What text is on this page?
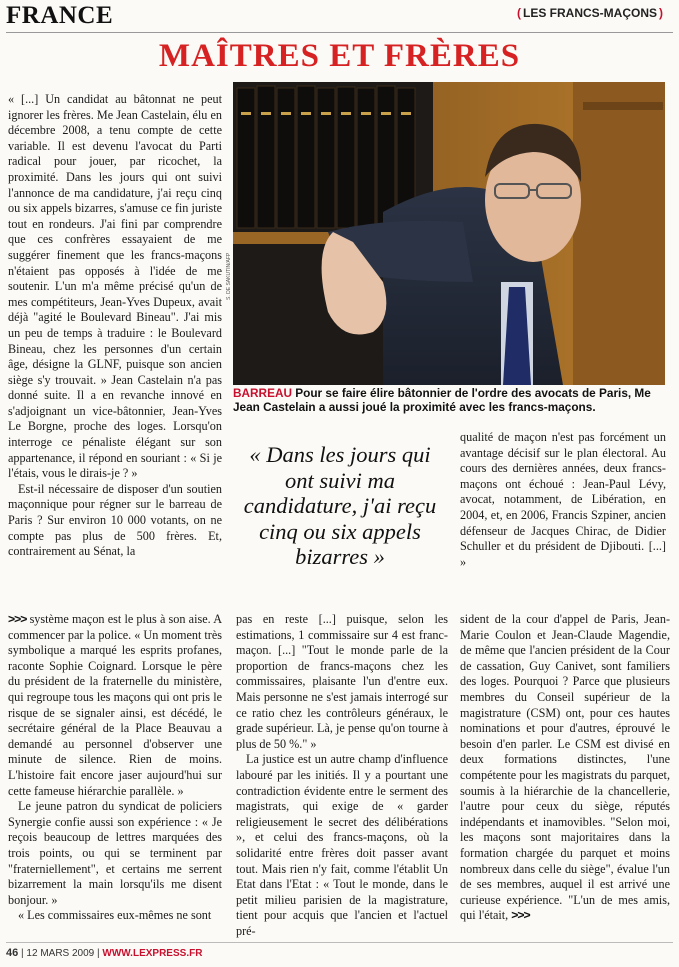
FRANCE	( LES FRANCS-MAÇONS )
MAÎTRES ET FRÈRES

« [...] Un candidat au bâtonnat ne peut ignorer les frères. Me Jean Castelain, élu en décembre 2008, a tenu compte de cette variable. Il est devenu l'avocat du Parti radical pour jouer, par ricochet, la proximité. Dans les jours qui ont suivi l'annonce de ma candidature, j'ai reçu cinq ou six appels bizarres, s'amuse ce fin juriste tout en rondeurs. J'ai fini par comprendre que ces confrères essayaient de me suggérer finement que les francs-maçons n'étaient pas opposés à l'idée de me soutenir. L'un m'a même précisé qu'un de mes compétiteurs, Jean-Yves Dupeux, avait déjà "agité le Boulevard Bineau". J'ai mis un peu de temps à traduire : le Boulevard Bineau, chez les personnes d'un certain âge, désigne la GLNF, puisque son ancien siège s'y trouvait. » Jean Castelain n'a pas donné suite. Il a en revanche innové en s'adjoignant un vice-bâtonnier, Jean-Yves Le Borgne, proche des loges. Lorsqu'on interroge ce pénaliste élégant sur son appartenance, il répond en souriant : « Si je l'étais, vous le dirais-je ? »

Est-il nécessaire de disposer d'un soutien maçonnique pour régner sur le barreau de Paris ? Sur environ 10 000 votants, on ne compte pas plus de 500 frères. Et, contrairement au Sénat, la

S. DE SAKUTIN/AFP
BARREAU Pour se faire élire bâtonnier de l'ordre des avocats de Paris, Me Jean Castelain a aussi joué la proximité avec les francs-maçons.
« Dans les jours qui ont suivi ma candidature, j'ai reçu cinq ou six appels bizarres »

qualité de maçon n'est pas forcément un avantage décisif sur le plan électoral. Au cours des dernières années, deux francs-maçons ont échoué : Jean-Paul Lévy, avocat, notamment, de Libération, en 2004, et, en 2006, Francis Szpiner, ancien défenseur de Jacques Chirac, de Didier Schuller et du président de Djibouti. [...] »

>>> système maçon est le plus à son aise. A commencer par la police. « Un moment très symbolique a marqué les esprits profanes, raconte Sophie Coignard. Lorsque le père du président de la fraternelle du ministère, qui regroupe tous les maçons qui ont pris le risque de se signaler ainsi, est décédé, le secrétaire général de la Place Beauvau a demandé au personnel d'observer une minute de silence. Rien de moins. L'histoire fait encore jaser aujourd'hui sur cette fameuse hiérarchie parallèle. »

Le jeune patron du syndicat de policiers Synergie confie aussi son expérience : « Je reçois beaucoup de lettres marquées des trois points, ou qui se terminent par "fraterniellement", et certains me serrent bizarrement la main lorsqu'ils me disent bonjour. »

« Les commissaires eux-mêmes ne sont

pas en reste [...] puisque, selon les estimations, 1 commissaire sur 4 est franc-maçon. [...] "Tout le monde parle de la proportion de francs-maçons chez les commissaires, plaisante l'un d'entre eux. Mais personne ne s'est jamais interrogé sur ce ratio chez les contrôleurs généraux, le grade supérieur. Là, je pense qu'on tourne à plus de 50 %." »

La justice est un autre champ d'influence labouré par les initiés. Il y a pourtant une contradiction évidente entre le serment des magistrats, qui exige de « garder religieusement le secret des délibérations », et celui des francs-maçons, où la solidarité entre frères doit passer avant tout. Mais rien n'y fait, comme l'établit Un Etat dans l'Etat : « Tout le monde, dans le petit milieu parisien de la magistrature, tient pour acquis que l'ancien et l'actuel pré-

sident de la cour d'appel de Paris, Jean-Marie Coulon et Jean-Claude Magendie, de même que l'ancien président de la Cour de cassation, Guy Canivet, sont familiers des loges. Pourquoi ? Parce que plusieurs membres du Conseil supérieur de la magistrature (CSM) ont, pour ces hautes nominations et pour d'autres, éprouvé le besoin d'en parler. Le CSM est divisé en deux formations distinctes, l'une compétente pour les magistrats du parquet, soumis à la hiérarchie de la chancellerie, l'autre pour ceux du siège, réputés indépendants et inamovibles. "Selon moi, les maçons sont majoritaires dans la formation chargée du parquet et moins nombreux dans celle du siège", évalue l'un de ses membres, auquel il est arrivé une curieuse expérience. "L'un de mes amis, qui l'était, >>>

46 | 12 MARS 2009 | WWW.LEXPRESS.FR
